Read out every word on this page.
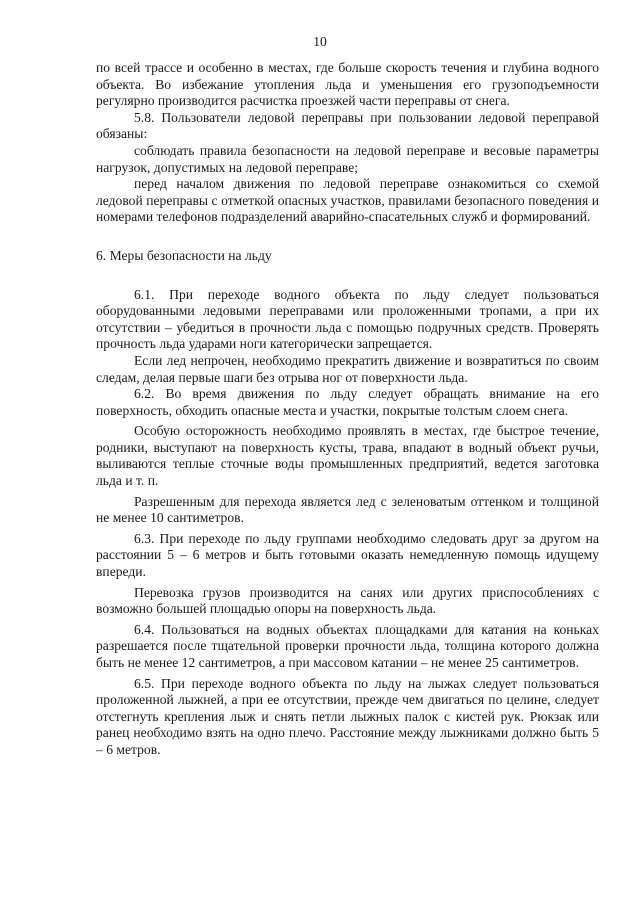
10

по всей трассе и особенно в местах, где больше скорость течения и глубина водного объекта. Во избежание утопления льда и уменьшения его грузоподъемности регулярно производится расчистка проезжей части переправы от снега.

5.8. Пользователи ледовой переправы при пользовании ледовой переправой обязаны:

соблюдать правила безопасности на ледовой переправе и весовые параметры нагрузок, допустимых на ледовой переправе;

перед началом движения по ледовой переправе ознакомиться со схемой ледовой переправы с отметкой опасных участков, правилами безопасного поведения и номерами телефонов подразделений аварийно-спасательных служб и формирований.

6. Меры безопасности на льду

6.1. При переходе водного объекта по льду следует пользоваться оборудованными ледовыми переправами или проложенными тропами, а при их отсутствии – убедиться в прочности льда с помощью подручных средств. Проверять прочность льда ударами ноги категорически запрещается.

Если лед непрочен, необходимо прекратить движение и возвратиться по своим следам, делая первые шаги без отрыва ног от поверхности льда.

6.2. Во время движения по льду следует обращать внимание на его поверхность, обходить опасные места и участки, покрытые толстым слоем снега.

Особую осторожность необходимо проявлять в местах, где быстрое течение, родники, выступают на поверхность кусты, трава, впадают в водный объект ручьи, выливаются теплые сточные воды промышленных предприятий, ведется заготовка льда и т. п.

Разрешенным для перехода является лед с зеленоватым оттенком и толщиной не менее 10 сантиметров.

6.3. При переходе по льду группами необходимо следовать друг за другом на расстоянии 5 – 6 метров и быть готовыми оказать немедленную помощь идущему впереди.

Перевозка грузов производится на санях или других приспособлениях с возможно большей площадью опоры на поверхность льда.

6.4. Пользоваться на водных объектах площадками для катания на коньках разрешается после тщательной проверки прочности льда, толщина которого должна быть не менее 12 сантиметров, а при массовом катании – не менее 25 сантиметров.

6.5. При переходе водного объекта по льду на лыжах следует пользоваться проложенной лыжней, а при ее отсутствии, прежде чем двигаться по целине, следует отстегнуть крепления лыж и снять петли лыжных палок с кистей рук. Рюкзак или ранец необходимо взять на одно плечо. Расстояние между лыжниками должно быть 5 – 6 метров.
